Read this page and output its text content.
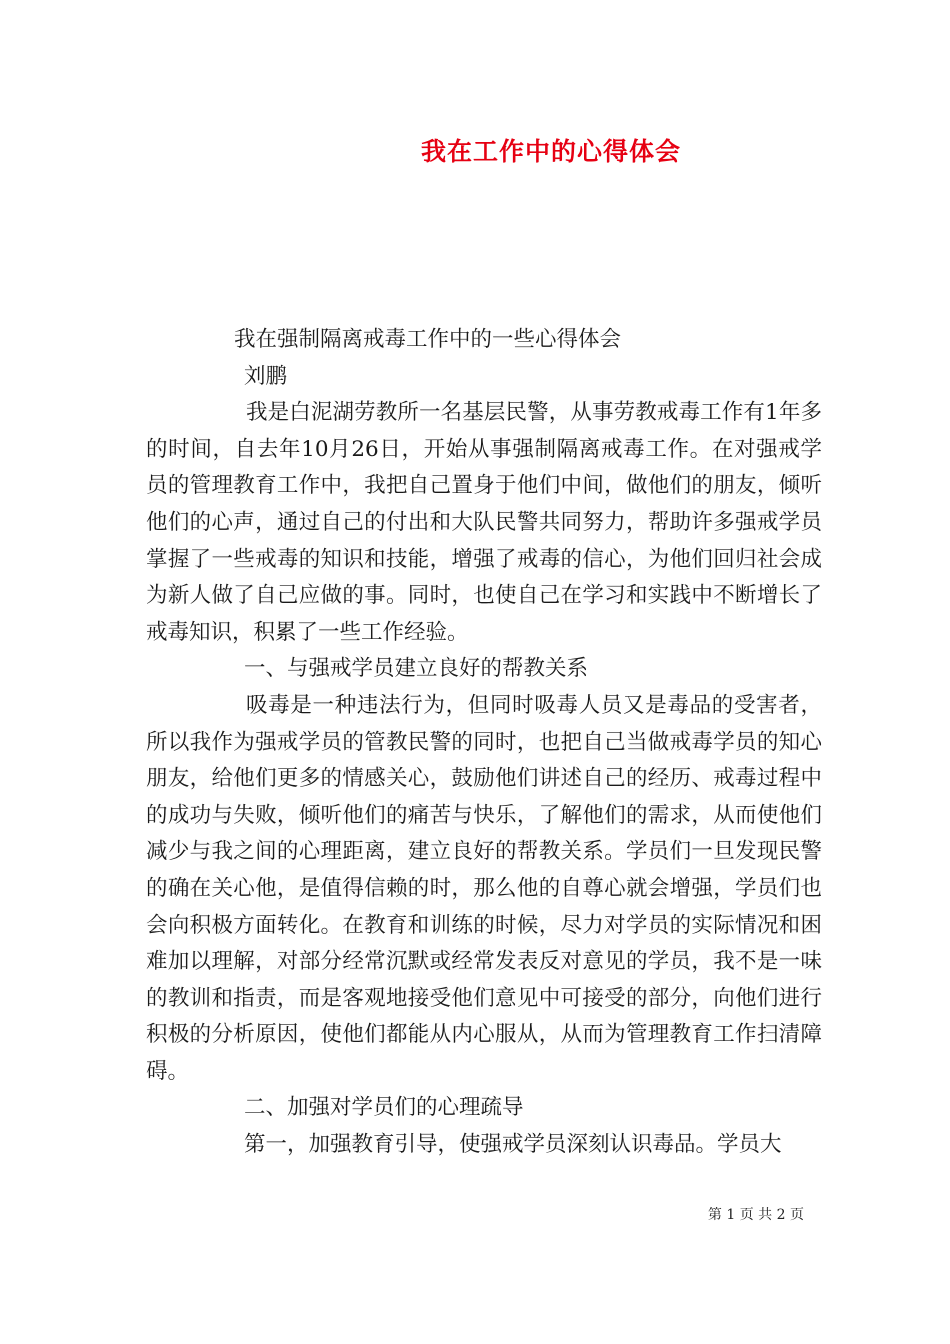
我在工作中的心得体会

我在强制隔离戒毒工作中的一些心得体会

刘鹏

我是白泥湖劳教所一名基层民警，从事劳教戒毒工作有1年多的时间，自去年10月26日，开始从事强制隔离戒毒工作。在对强戒学员的管理教育工作中，我把自己置身于他们中间，做他们的朋友，倾听他们的心声，通过自己的付出和大队民警共同努力，帮助许多强戒学员掌握了一些戒毒的知识和技能，增强了戒毒的信心，为他们回归社会成为新人做了自己应做的事。同时，也使自己在学习和实践中不断增长了戒毒知识，积累了一些工作经验。

一、与强戒学员建立良好的帮教关系

吸毒是一种违法行为，但同时吸毒人员又是毒品的受害者，所以我作为强戒学员的管教民警的同时，也把自己当做戒毒学员的知心朋友，给他们更多的情感关心，鼓励他们讲述自己的经历、戒毒过程中的成功与失败，倾听他们的痛苦与快乐，了解他们的需求，从而使他们减少与我之间的心理距离，建立良好的帮教关系。学员们一旦发现民警的确在关心他，是值得信赖的时，那么他的自尊心就会增强，学员们也会向积极方面转化。在教育和训练的时候，尽力对学员的实际情况和困难加以理解，对部分经常沉默或经常发表反对意见的学员，我不是一味的教训和指责，而是客观地接受他们意见中可接受的部分，向他们进行积极的分析原因，使他们都能从内心服从，从而为管理教育工作扫清障碍。

二、加强对学员们的心理疏导

第一，加强教育引导，使强戒学员深刻认识毒品。学员大

第 1 页 共 2 页
